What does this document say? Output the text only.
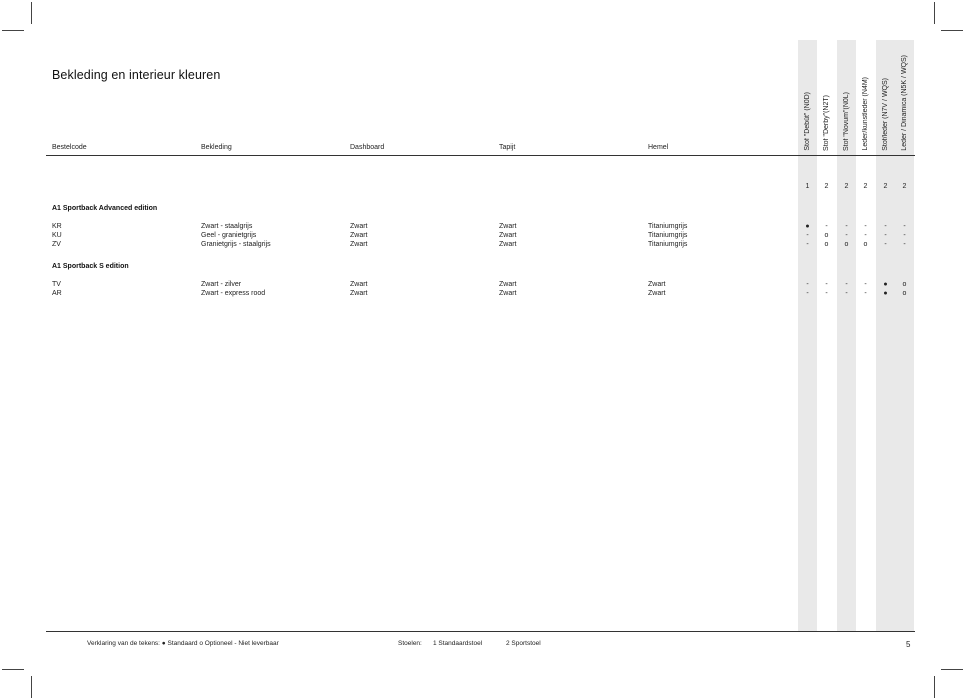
Bekleding en interieur kleuren
Stof "Debüt" (N0D)	Stof "Derby"(N2T)	Stof "Novum"(N0L)	Leder/kunstleder (N4M)	Stof/leder (N7V / WQS)	Leder / Dinamica (N5K / WQS)
Bestelcode	Bekleding	Dashboard	Tapijt	Hemel
1	2	2	2	2	2
A1 Sportback Advanced edition
KR	Zwart - staalgrijs	Zwart	Zwart	Titaniumgrijs	●	-	-	-	-	-
KU	Geel - granietgrijs	Zwart	Zwart	Titaniumgrijs	-	o	-	-	-	-
ZV	Granietgrijs - staalgrijs	Zwart	Zwart	Titaniumgrijs	-	o	o	o	-	-
A1 Sportback S edition
TV	Zwart - zilver	Zwart	Zwart	Zwart	-	-	-	-	●	o
AR	Zwart - express rood	Zwart	Zwart	Zwart	-	-	-	-	●	o
Verklaring van de tekens: ● Standaard o Optioneel - Niet leverbaar	Stoelen: 1 Standaardstoel	2 Sportstoel	5
